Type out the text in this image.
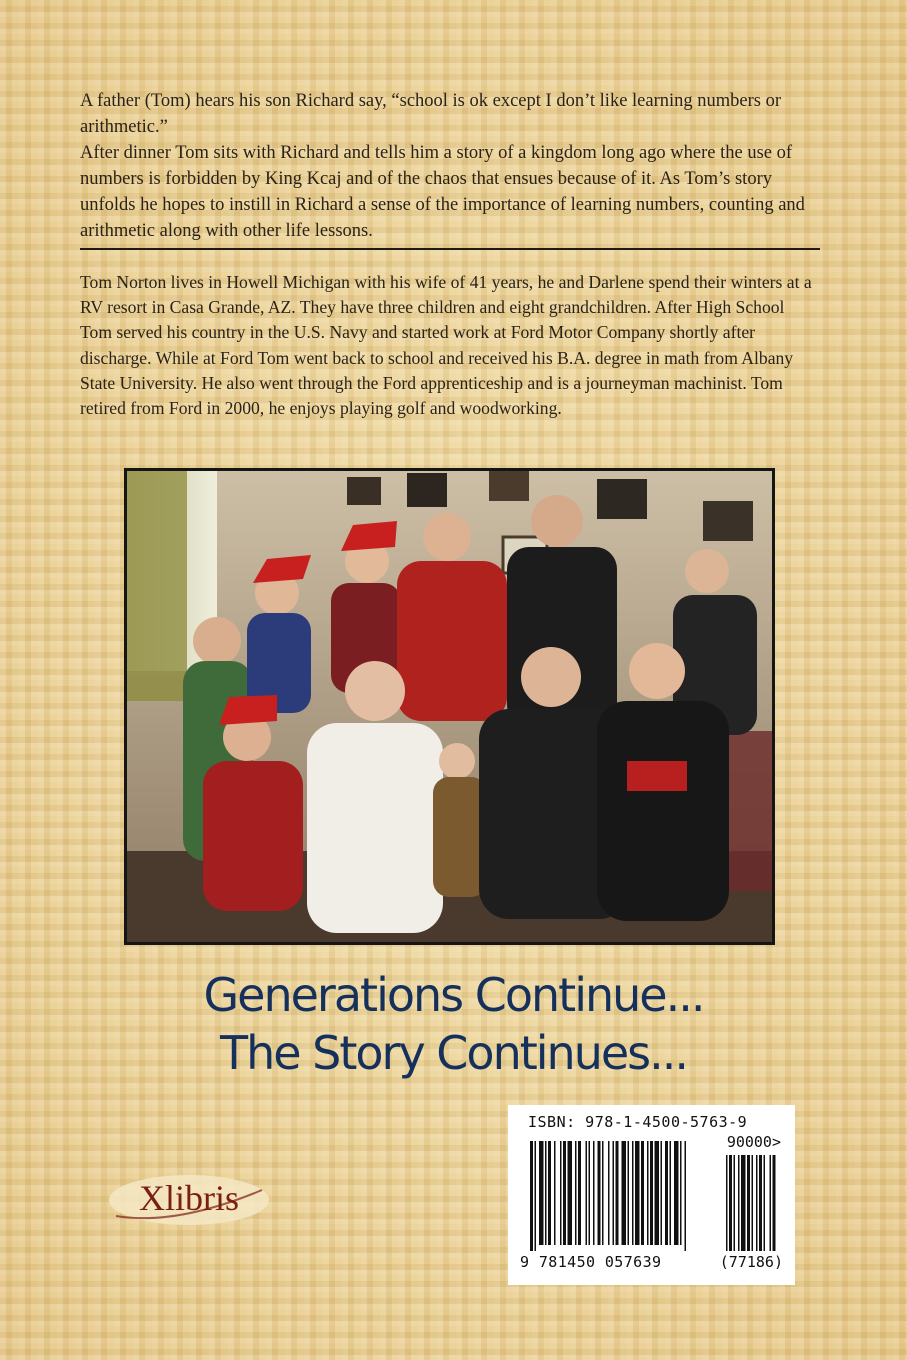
A father (Tom) hears his son Richard say, “school is ok except I don’t like learning numbers or arithmetic.”

After dinner Tom sits with Richard and tells him a story of a kingdom long ago where the use of numbers is forbidden by King Kcaj and of the chaos that ensues because of it. As Tom’s story unfolds he hopes to instill in Richard a sense of the importance of learning numbers, counting and arithmetic along with other life lessons.

Tom Norton lives in Howell Michigan with his wife of 41 years, he and Darlene spend their winters at a RV resort in Casa Grande, AZ. They have three children and eight grandchildren. After High School Tom served his country in the U.S. Navy and started work at Ford Motor Company shortly after discharge. While at Ford Tom went back to school and received his B.A. degree in math from Albany State University. He also went through the Ford apprenticeship and is a journeyman machinist. Tom retired from Ford in 2000, he enjoys playing golf and woodworking.

Generations Continue...

The Story Continues...

Xlibris
ISBN: 978-1-4500-5763-9
90000>
9 781450 057639	(77186)
